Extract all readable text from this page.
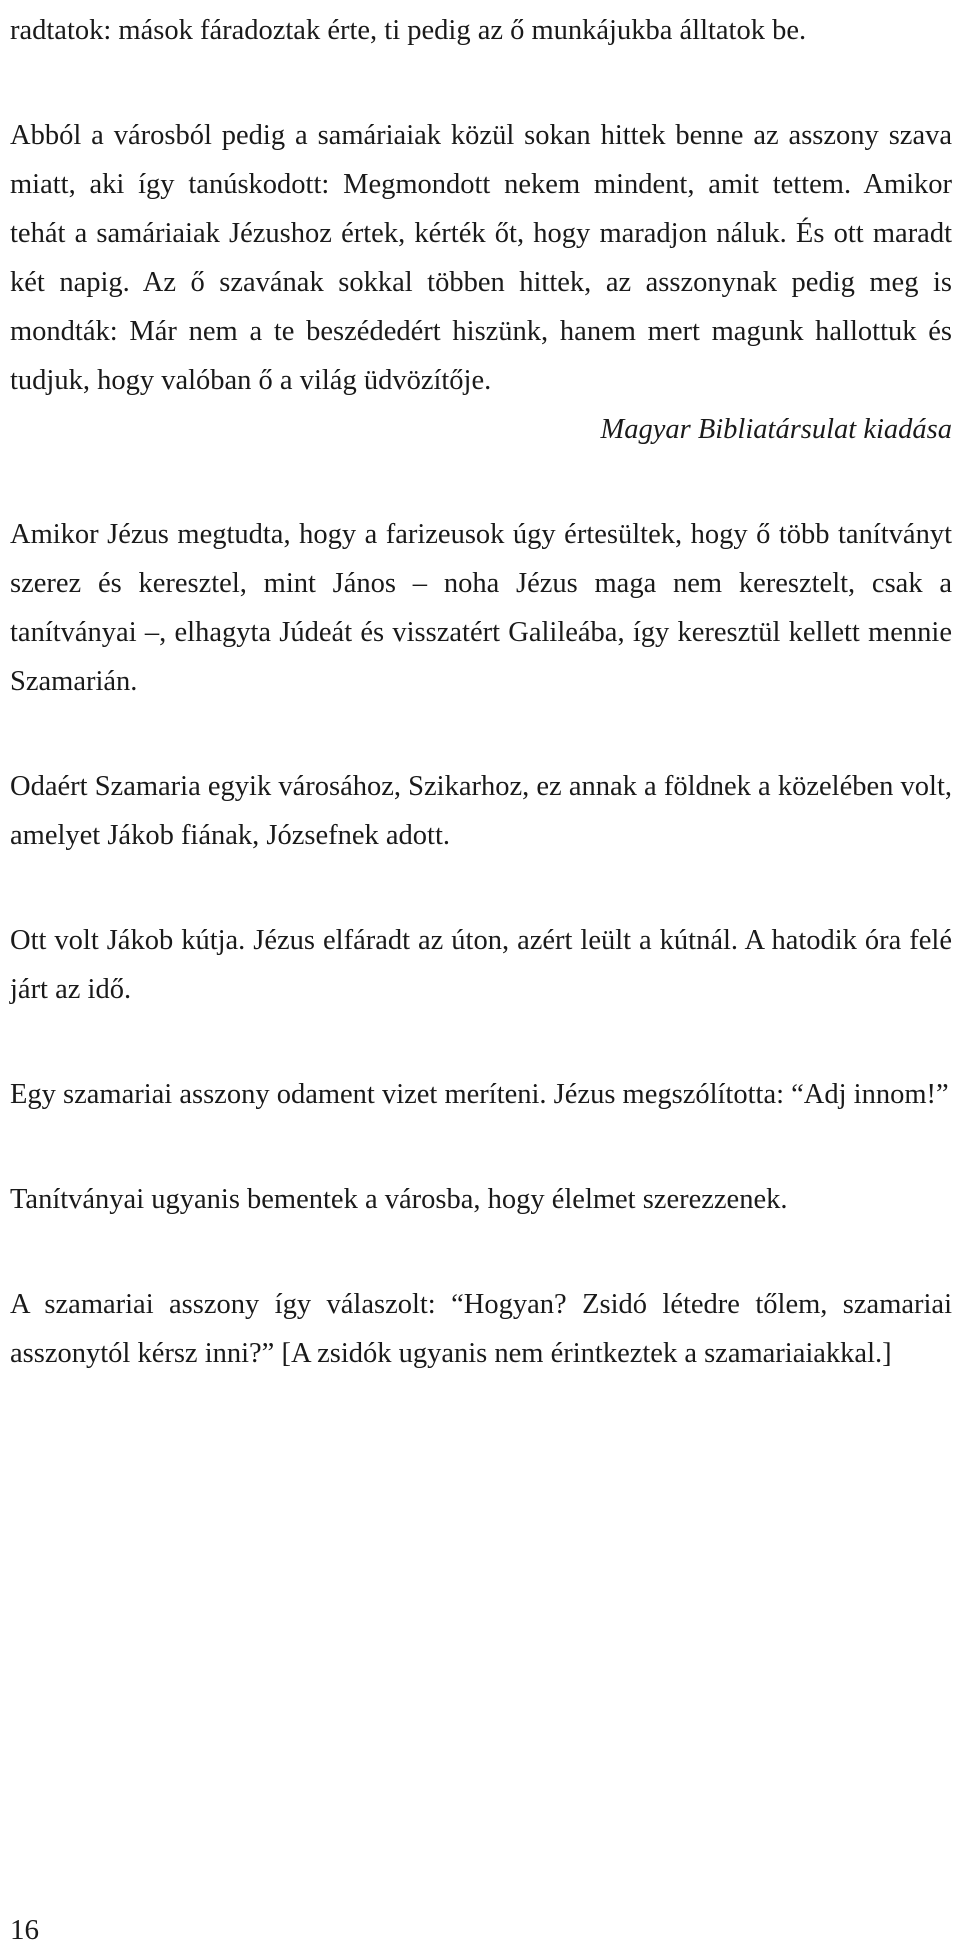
radtatok: mások fáradoztak érte, ti pedig az ő munkájukba álltatok be.

Abból a városból pedig a samáriaiak közül sokan hittek benne az asszony szava miatt, aki így tanúskodott: Megmondott nekem mindent, amit tettem. Amikor tehát a samáriaiak Jézushoz értek, kérték őt, hogy maradjon náluk. És ott maradt két napig. Az ő szavának sokkal többen hittek, az asszonynak pedig meg is mondták: Már nem a te beszédedért hiszünk, hanem mert magunk hallottuk és tudjuk, hogy valóban ő a világ üdvözítője.

Magyar Bibliatársulat kiadása

Amikor Jézus megtudta, hogy a farizeusok úgy értesültek, hogy ő több tanítványt szerez és keresztel, mint János – noha Jézus maga nem keresztelt, csak a tanítványai –, elhagyta Júdeát és visszatért Galileába, így keresztül kellett mennie Szamarián.

Odaért Szamaria egyik városához, Szikarhoz, ez annak a földnek a közelében volt, amelyet Jákob fiának, Józsefnek adott.

Ott volt Jákob kútja. Jézus elfáradt az úton, azért leült a kútnál. A hatodik óra felé járt az idő.

Egy szamariai asszony odament vizet meríteni. Jézus megszólította: “Adj innom!”

Tanítványai ugyanis bementek a városba, hogy élelmet szerezzenek.

A szamariai asszony így válaszolt: “Hogyan? Zsidó létedre tőlem, szamariai asszonytól kérsz inni?” [A zsidók ugyanis nem érintkeztek a szamariaiakkal.]

16
